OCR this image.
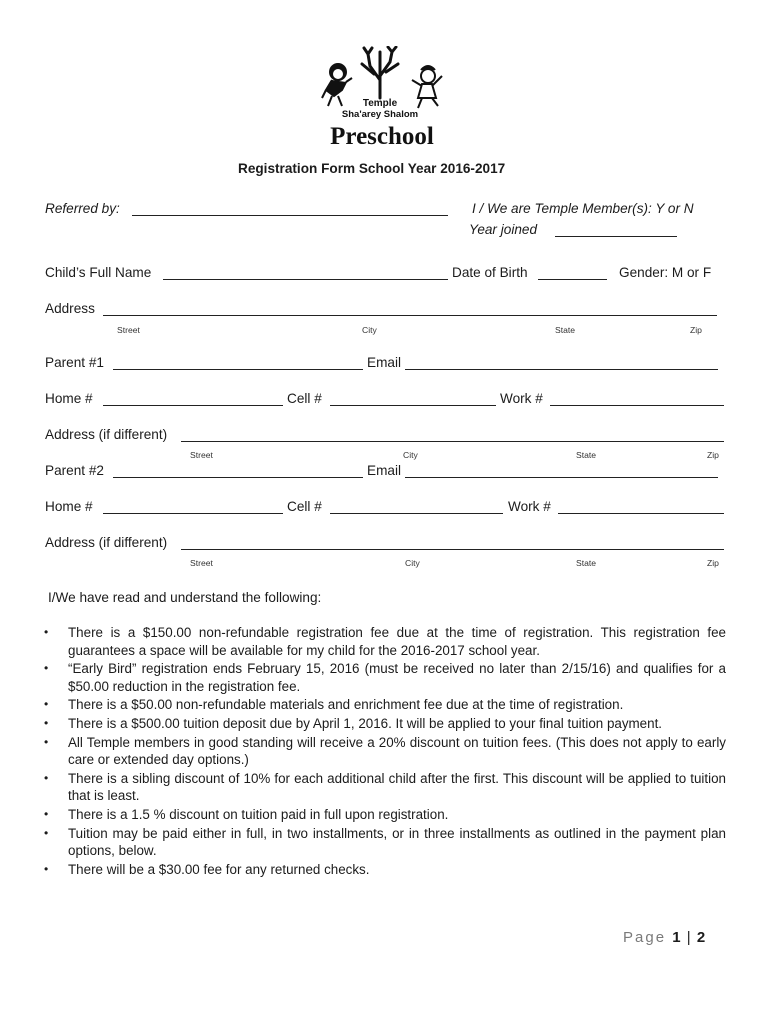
Temple
Sha'arey Shalom
Preschool
Registration Form School Year 2016-2017
Referred by:	I / We are Temple Member(s): Y or N
Year joined
Child’s Full Name	Date of Birth	Gender: M or F
Address
Street	City	State	Zip
Parent #1	Email
Home #	Cell #	Work #
Address (if different)
Street	City	State	Zip
Parent #2	Email
Home #	Cell #	Work #
Address (if different)
Street	City	State	Zip
I/We have read and understand the following:
• There is a $150.00 non-refundable registration fee due at the time of registration. This registration fee guarantees a space will be available for my child for the 2016-2017 school year.
• “Early Bird” registration ends February 15, 2016 (must be received no later than 2/15/16) and qualifies for a $50.00 reduction in the registration fee.
• There is a $50.00 non-refundable materials and enrichment fee due at the time of registration.
• There is a $500.00 tuition deposit due by April 1, 2016. It will be applied to your final tuition payment.
• All Temple members in good standing will receive a 20% discount on tuition fees. (This does not apply to early care or extended day options.)
• There is a sibling discount of 10% for each additional child after the first. This discount will be applied to tuition that is least.
• There is a 1.5 % discount on tuition paid in full upon registration.
• Tuition may be paid either in full, in two installments, or in three installments as outlined in the payment plan options, below.
• There will be a $30.00 fee for any returned checks.
Page 1 | 2
